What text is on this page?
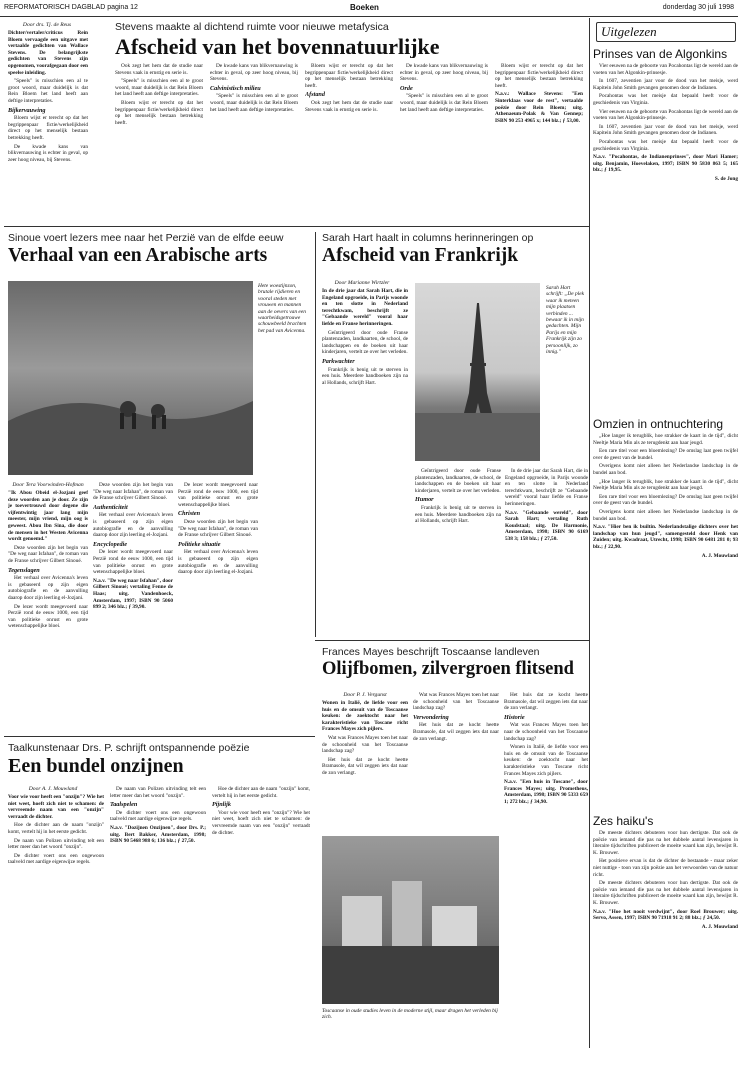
REFORMATORISCH DAGBLAD pagina 12	Boeken	donderdag 30 juli 1998
Door drs. Tj. de Reus

Dichter/vertaler/criticus Rein Bloem vervaagde een uitgave met vertaalde gedichten van Wallace Stevens. De belangrijkste gedichten van Stevens zijn opgenomen, voorafgegaan door een speelse inleiding.

"Speels" is misschien een al te groot woord, maar duidelijk is dat Rein Bloem het land heeft aan deftige interpretaties.

Bijkervauwing

Bloem wijst er terecht op dat het begrippenpaar fictie/werkelijkheid direct op het menselijk bestaan betrekking heeft.

De kwade kans van blikvernauwing is echter in geval, op zeer hoog niveau, bij Stevens.

Stevens maakte al dichtend ruimte voor nieuwe metafysica
Afscheid van het bovennatuurlijke

Ook zegt het hem dat de studie naar Stevens vaak in ernstig en serie is.

"Speels" is misschien een al te groot woord, maar duidelijk is dat Rein Bloem het land heeft aan deftige interpretaties.

Bloem wijst er terecht op dat het begrippenpaar fictie/werkelijkheid direct op het menselijk bestaan betrekking heeft.

De kwade kans van blikvernauwing is echter in geval, op zeer hoog niveau, bij Stevens.

Calvinistisch milieu

"Speels" is misschien een al te groot woord, maar duidelijk is dat Rein Bloem het land heeft aan deftige interpretaties.

Bloem wijst er terecht op dat het begrippenpaar fictie/werkelijkheid direct op het menselijk bestaan betrekking heeft.

Afstand

Ook zegt het hem dat de studie naar Stevens vaak in ernstig en serie is.

De kwade kans van blikvernauwing is echter in geval, op zeer hoog niveau, bij Stevens.

Orde

"Speels" is misschien een al te groot woord, maar duidelijk is dat Rein Bloem het land heeft aan deftige interpretaties.

Bloem wijst er terecht op dat het begrippenpaar fictie/werkelijkheid direct op het menselijk bestaan betrekking heeft.

N.a.v.: Wallace Stevens: "Een Sinterklaas voor de rest", vertaalde poëzie door Rein Bloem; uitg. Athenaeum-Polak & Van Gennep; ISBN 90 253 4965 x; 144 blz.; ƒ 53,00.

Sinoue voert lezers mee naar het Perzië van de elfde eeuw
Verhaal van een Arabische arts
Hete woestijnzon, brutale rijdieren en vooral steden met vrouwen en mannen aan de oevers van een waarheidsgetrouwe schouwbeeld brachten het pad van Avicenna.
Door Tera Voorwinden-Hofman

"Ik Abou Obeid el-Jozjani geef deze woorden aan je door. Ze zijn je toevertrouwd door degene die vijfentwintig jaar lang mijn meester, mijn vriend, mijn oog is geweest. Abou Ibn Sina, die door de mensen in het Westen Avicenna wordt genoemd."

Deze woorden zijn het begin van "De weg naar Isfahan", de roman van de Franse schrijver Gilbert Sinoué.

Tegenslagen

Het verhaal over Avicenna's leven is gebaseerd op zijn eigen autobiografie en de aanvulling daarop door zijn leerling el-Jozjani.

De lezer wordt meegevoerd naar Perzië rond de eeuw 1000, een tijd van politieke onrust en grote wetenschappelijke bloei.

Deze woorden zijn het begin van "De weg naar Isfahan", de roman van de Franse schrijver Gilbert Sinoué.

Authenticiteit

Het verhaal over Avicenna's leven is gebaseerd op zijn eigen autobiografie en de aanvulling daarop door zijn leerling el-Jozjani.

Encyclopedie

De lezer wordt meegevoerd naar Perzië rond de eeuw 1000, een tijd van politieke onrust en grote wetenschappelijke bloei.

N.a.v. "De weg naar Isfahan", door Gilbert Sinoué; vertaling Fenne de Haas; uitg. Vandenhoeck, Amsterdam, 1997; ISBN 90 5060 899 2; 346 blz.; ƒ 39,90.

De lezer wordt meegevoerd naar Perzië rond de eeuw 1000, een tijd van politieke onrust en grote wetenschappelijke bloei.

Christen

Deze woorden zijn het begin van "De weg naar Isfahan", de roman van de Franse schrijver Gilbert Sinoué.

Politieke situatie

Het verhaal over Avicenna's leven is gebaseerd op zijn eigen autobiografie en de aanvulling daarop door zijn leerling el-Jozjani.

Sarah Hart haalt in columns herinneringen op
Afscheid van Frankrijk
Door Marianne Wirtzler

In de drie jaar dat Sarah Hart, die in Engeland opgroeide, in Parijs woonde en ten slotte in Nederland terechtkwam, beschrijft ze "Gebaande wereld" vooral haar liefde en Franse herinneringen.

Geïntrigeerd door oude Franse plantenzaden, landkaarten, de school, de landschappen en de boeken uit haar kinderjaren, vertelt ze over het verleden.

Parkwachter

Frankrijk is benig uit te sterven in een huis. Meerdere handboeken zijn na al Hollands, schrijft Hart.

Sarah Hart schrijft: „De plek waar ik meteen mijn plaatsen verbinden ... bewaar ik in mijn gedachten. Mijn Parijs en mijn Frankrijk zijn zo persoonlijk, zo innig."

Geïntrigeerd door oude Franse plantenzaden, landkaarten, de school, de landschappen en de boeken uit haar kinderjaren, vertelt ze over het verleden.

Humor

Frankrijk is benig uit te sterven in een huis. Meerdere handboeken zijn na al Hollands, schrijft Hart.

In de drie jaar dat Sarah Hart, die in Engeland opgroeide, in Parijs woonde en ten slotte in Nederland terechtkwam, beschrijft ze "Gebaande wereld" vooral haar liefde en Franse herinneringen.

N.a.v. "Gebaande wereld", door Sarah Hart; vertaling Ruth Koudstaal; uitg. De Harmonie, Amsterdam, 1998; ISBN 90 6169 538 3; 158 blz.; ƒ 27,50.

Frances Mayes beschrijft Toscaanse landleven
Olijfbomen, zilvergroen flitsend
Door P. J. Vergunst

Wonen in Italië, de liefde voor een huis en de omsuit van de Toscaanse keuken: de zoektocht naar het karakteristieke van Toscane richt Frances Mayes zich pijlers.

Wat was Frances Mayes toen het naar de schoonheid van het Toscaanse landschap zag?

Het huis dat ze kocht heette Bramasole, dat wil zeggen iets dat naar de zon verlangt.

Wat was Frances Mayes toen het naar de schoonheid van het Toscaanse landschap zag?

Verwondering

Het huis dat ze kocht heette Bramasole, dat wil zeggen iets dat naar de zon verlangt.

Het huis dat ze kocht heette Bramasole, dat wil zeggen iets dat naar de zon verlangt.

Historie

Wat was Frances Mayes toen het naar de schoonheid van het Toscaanse landschap zag?

Wonen in Italië, de liefde voor een huis en de omsuit van de Toscaanse keuken: de zoektocht naar het karakteristieke van Toscane richt Frances Mayes zich pijlers.

N.a.v. "Een huis in Toscane", door Frances Mayes; uitg. Prometheus, Amsterdam, 1998; ISBN 90 5333 659 1; 272 blz.; ƒ 34,90.

Toscaanse in oude studies leven in de moderne stijl, maar dragen het verleden bij zich.
Taalkunstenaar Drs. P. schrijft ontspannende poëzie
Een bundel onzijnen
Door A. J. Mouwland

Voor wie voor heeft een "onzijn"? Wie het niet weet, hoeft zich niet te schamen: de vervreemde naam van een "onzijn" verraadt de dichter.

Hoe de dichter aan de naam "onzijn" komt, vertelt hij in het eerste gedicht.

De naam van Polizen uitvinding telt een letter meer dan het woord "onzijn".

De dichter voert ons een ongewoon taalveld met aardige eigenwijze regels.

De naam van Polizen uitvinding telt een letter meer dan het woord "onzijn".

Taalspelen

De dichter voert ons een ongewoon taalveld met aardige eigenwijze regels.

N.a.v. "Dozijnen Onzijnen", door Drs. P.; uitg. Bert Bakker, Amsterdam, 1998; ISBN 90 5468 988 6; 136 blz.; ƒ 27,50.

Hoe de dichter aan de naam "onzijn" komt, vertelt hij in het eerste gedicht.

Pijnlijk

Voor wie voor heeft een "onzijn"? Wie het niet weet, hoeft zich niet te schamen: de vervreemde naam van een "onzijn" verraadt de dichter.

Uitgelezen
Prinses van de Algonkins

Vier eeuwen na de geboorte van Pocahontas ligt de wereld aan de voeten van het Algonkin-prinsesje.

In 1607, zeventien jaar voor de dood van het meisje, werd Kapitein John Smith gevangen genomen door de Indianen.

Pocahontas was het meisje dat bepaald heeft voor de geschiedenis van Virginia.

Vier eeuwen na de geboorte van Pocahontas ligt de wereld aan de voeten van het Algonkin-prinsesje.

In 1607, zeventien jaar voor de dood van het meisje, werd Kapitein John Smith gevangen genomen door de Indianen.

Pocahontas was het meisje dat bepaald heeft voor de geschiedenis van Virginia.

N.a.v. "Pocahontas, de Indianenprinses", door Mari Hamer; uitg. Benjamin, Hoevelaken, 1997; ISBN 90 5830 863 5; 165 blz.; ƒ 19,95.

S. de Jong

Omzien in ontnuchtering

„Hoe langer ik terugblik, hoe strakker de kaart in de tijd", dicht Neeltje Maria Min als ze terugdenkt aan haar jeugd.

Een rare titel voor een bloemlezing? De omslag laat geen twijfel over de geest van de bundel.

Overigens komt niet alleen het Nederlandse landschap in de bundel aan bod.

„Hoe langer ik terugblik, hoe strakker de kaart in de tijd", dicht Neeltje Maria Min als ze terugdenkt aan haar jeugd.

Een rare titel voor een bloemlezing? De omslag laat geen twijfel over de geest van de bundel.

Overigens komt niet alleen het Nederlandse landschap in de bundel aan bod.

N.a.v. "Hier ben ik builtin. Nederlandstalige dichters over het landschap van hun jeugd", samengesteld door Henk van Zuiden; uitg. Kwadraat, Utrecht, 1998; ISBN 90 6481 281 0; 93 blz.; ƒ 22,90.

A. J. Mouwland

Zes haiku's

De meeste dichters debuteren voor hun dertigste. Dat ook de poëzie van iemand die pas na het dubbele aantal levensjaren in literaire tijdschriften publiceert de moeite waard kan zijn, bewijst R. K. Brouwer.

Het positieve ervan is dat de dichter de bestaande - maar zeker niet nuttige - toon van zijn poëzie aan het verwoorden van de natuur richt.

De meeste dichters debuteren voor hun dertigste. Dat ook de poëzie van iemand die pas na het dubbele aantal levensjaren in literaire tijdschriften publiceert de moeite waard kan zijn, bewijst R. K. Brouwer.

N.a.v. "Hoe het nooit verdwijnt", door Roel Brouwer; uitg. Servo, Assen, 1997; ISBN 90 71918 91 2; 88 blz.; ƒ 24,50.

A. J. Mouwland
